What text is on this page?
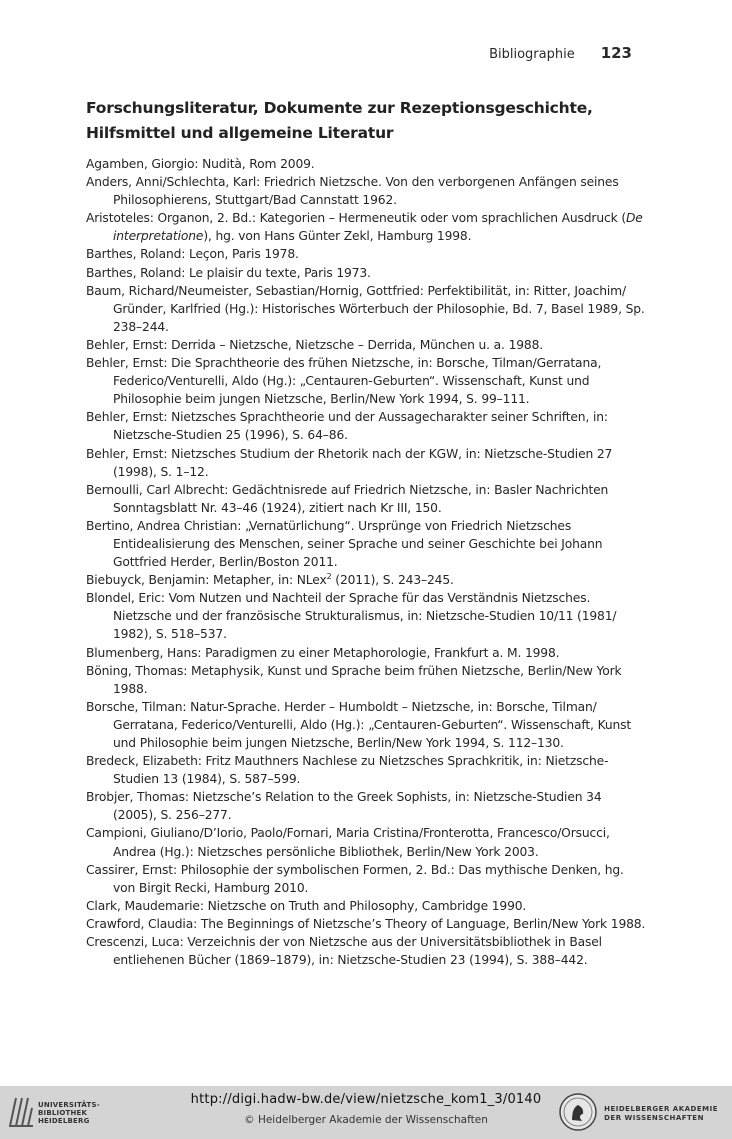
Bibliographie 123
Forschungsliteratur, Dokumente zur Rezeptionsgeschichte,
Hilfsmittel und allgemeine Literatur
Agamben, Giorgio: Nudità, Rom 2009.
Anders, Anni/Schlechta, Karl: Friedrich Nietzsche. Von den verborgenen Anfängen seines Philosophierens, Stuttgart/Bad Cannstatt 1962.
Aristoteles: Organon, 2. Bd.: Kategorien – Hermeneutik oder vom sprachlichen Ausdruck (De interpretatione), hg. von Hans Günter Zekl, Hamburg 1998.
Barthes, Roland: Leçon, Paris 1978.
Barthes, Roland: Le plaisir du texte, Paris 1973.
Baum, Richard/Neumeister, Sebastian/Hornig, Gottfried: Perfektibilität, in: Ritter, Joachim/ Gründer, Karlfried (Hg.): Historisches Wörterbuch der Philosophie, Bd. 7, Basel 1989, Sp. 238–244.
Behler, Ernst: Derrida – Nietzsche, Nietzsche – Derrida, München u. a. 1988.
Behler, Ernst: Die Sprachtheorie des frühen Nietzsche, in: Borsche, Tilman/Gerratana, Federico/Venturelli, Aldo (Hg.): „Centauren-Geburten“. Wissenschaft, Kunst und Philosophie beim jungen Nietzsche, Berlin/New York 1994, S. 99–111.
Behler, Ernst: Nietzsches Sprachtheorie und der Aussagecharakter seiner Schriften, in: Nietzsche-Studien 25 (1996), S. 64–86.
Behler, Ernst: Nietzsches Studium der Rhetorik nach der KGW, in: Nietzsche-Studien 27 (1998), S. 1–12.
Bernoulli, Carl Albrecht: Gedächtnisrede auf Friedrich Nietzsche, in: Basler Nachrichten Sonntagsblatt Nr. 43–46 (1924), zitiert nach Kr III, 150.
Bertino, Andrea Christian: „Vernatürlichung“. Ursprünge von Friedrich Nietzsches Entidealisierung des Menschen, seiner Sprache und seiner Geschichte bei Johann Gottfried Herder, Berlin/Boston 2011.
Biebuyck, Benjamin: Metapher, in: NLex$^2$ (2011), S. 243–245.
Blondel, Eric: Vom Nutzen und Nachteil der Sprache für das Verständnis Nietzsches. Nietzsche und der französische Strukturalismus, in: Nietzsche-Studien 10/11 (1981/ 1982), S. 518–537.
Blumenberg, Hans: Paradigmen zu einer Metaphorologie, Frankfurt a. M. 1998.
Böning, Thomas: Metaphysik, Kunst und Sprache beim frühen Nietzsche, Berlin/New York 1988.
Borsche, Tilman: Natur-Sprache. Herder – Humboldt – Nietzsche, in: Borsche, Tilman/ Gerratana, Federico/Venturelli, Aldo (Hg.): „Centauren-Geburten“. Wissenschaft, Kunst und Philosophie beim jungen Nietzsche, Berlin/New York 1994, S. 112–130.
Bredeck, Elizabeth: Fritz Mauthners Nachlese zu Nietzsches Sprachkritik, in: Nietzsche-Studien 13 (1984), S. 587–599.
Brobjer, Thomas: Nietzsche’s Relation to the Greek Sophists, in: Nietzsche-Studien 34 (2005), S. 256–277.
Campioni, Giuliano/D’Iorio, Paolo/Fornari, Maria Cristina/Fronterotta, Francesco/Orsucci, Andrea (Hg.): Nietzsches persönliche Bibliothek, Berlin/New York 2003.
Cassirer, Ernst: Philosophie der symbolischen Formen, 2. Bd.: Das mythische Denken, hg. von Birgit Recki, Hamburg 2010.
Clark, Maudemarie: Nietzsche on Truth and Philosophy, Cambridge 1990.
Crawford, Claudia: The Beginnings of Nietzsche’s Theory of Language, Berlin/New York 1988.
Crescenzi, Luca: Verzeichnis der von Nietzsche aus der Universitätsbibliothek in Basel entliehenen Bücher (1869–1879), in: Nietzsche-Studien 23 (1994), S. 388–442.
UNIVERSITÄTS-
BIBLIOTHEK
HEIDELBERG
http://digi.hadw-bw.de/view/nietzsche_kom1_3/0140
© Heidelberger Akademie der Wissenschaften
HEIDELBERGER AKADEMIE
DER WISSENSCHAFTEN
